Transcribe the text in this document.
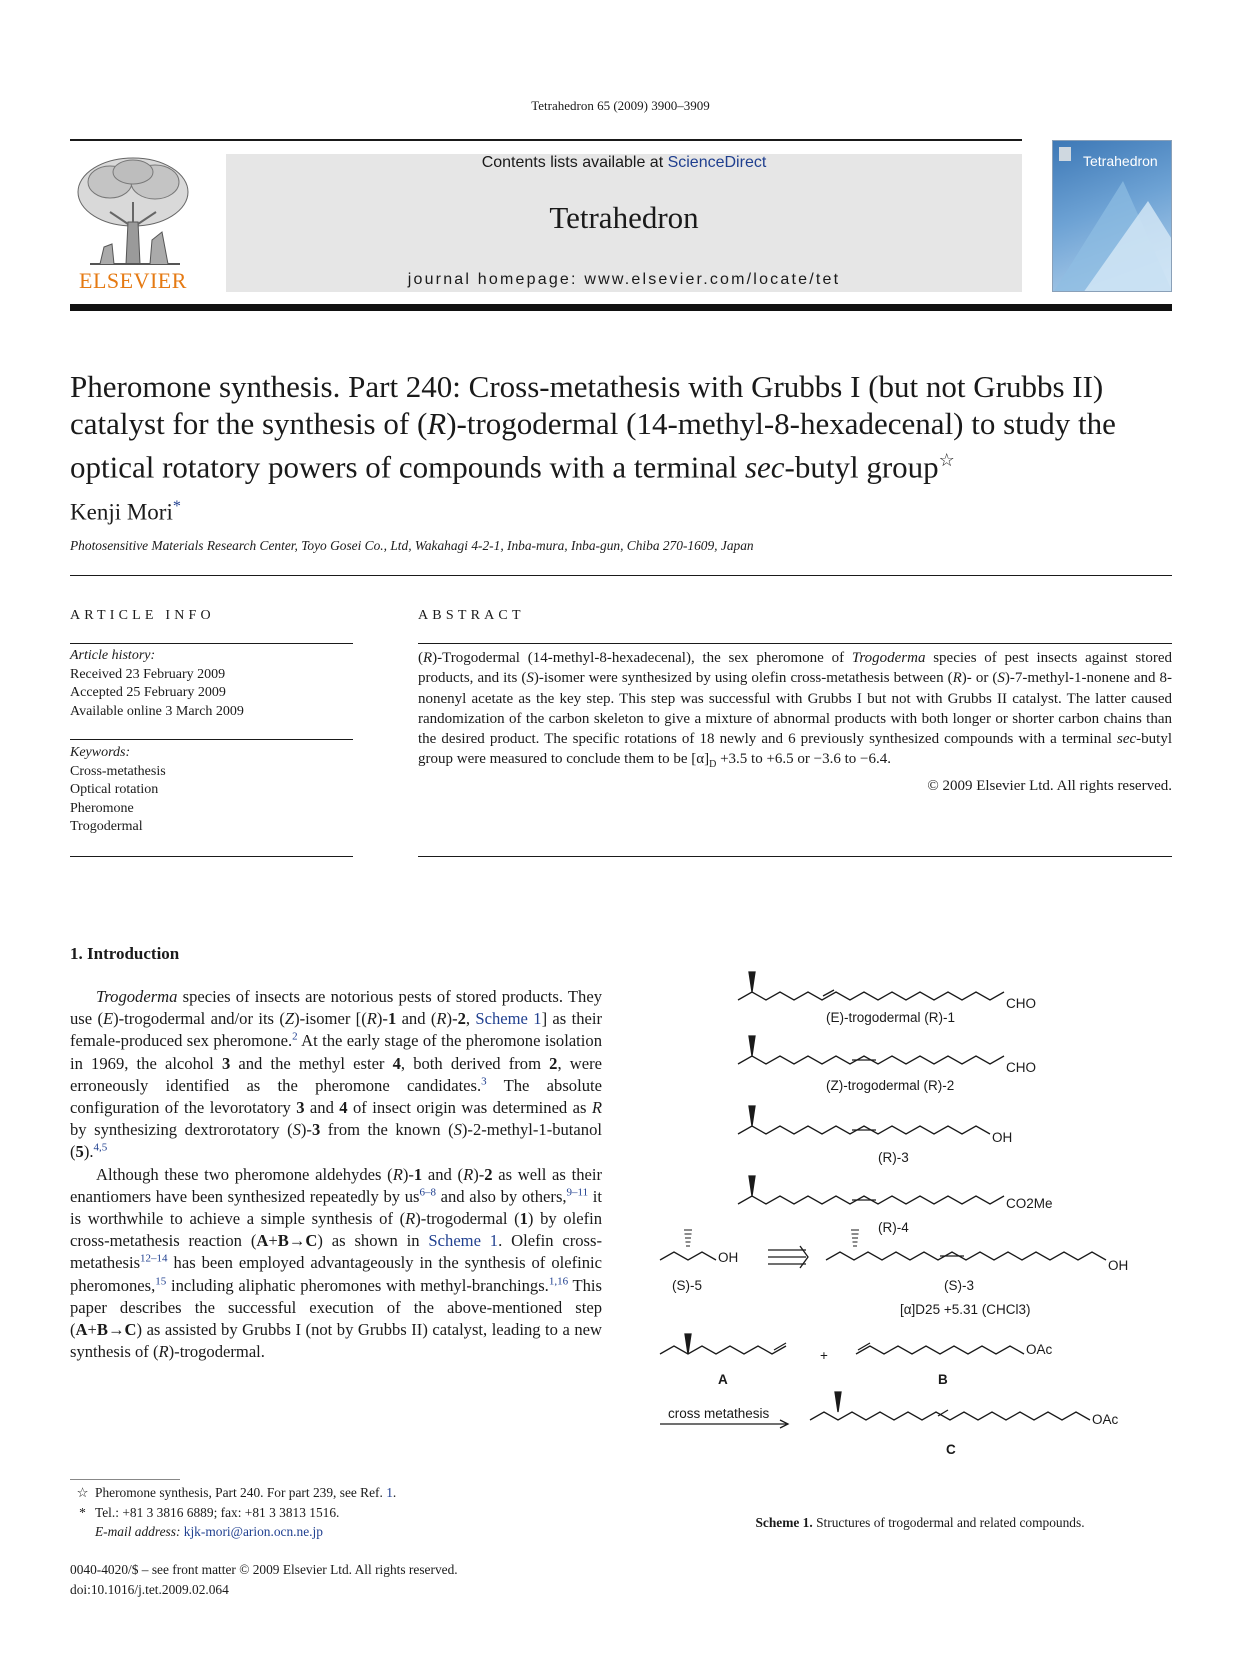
Tetrahedron 65 (2009) 3900–3909
ELSEVIER
Contents lists available at ScienceDirect
Tetrahedron
journal homepage: www.elsevier.com/locate/tet
Tetrahedron
Pheromone synthesis. Part 240: Cross-metathesis with Grubbs I (but not Grubbs II) catalyst for the synthesis of (R)-trogodermal (14-methyl-8-hexadecenal) to study the optical rotatory powers of compounds with a terminal sec-butyl group☆
Kenji Mori*
Photosensitive Materials Research Center, Toyo Gosei Co., Ltd, Wakahagi 4-2-1, Inba-mura, Inba-gun, Chiba 270-1609, Japan
ARTICLE INFO	ABSTRACT
Article history:
Received 23 February 2009
Accepted 25 February 2009
Available online 3 March 2009
Keywords:
Cross-metathesis
Optical rotation
Pheromone
Trogodermal
(R)-Trogodermal (14-methyl-8-hexadecenal), the sex pheromone of Trogoderma species of pest insects against stored products, and its (S)-isomer were synthesized by using olefin cross-metathesis between (R)- or (S)-7-methyl-1-nonene and 8-nonenyl acetate as the key step. This step was successful with Grubbs I but not with Grubbs II catalyst. The latter caused randomization of the carbon skeleton to give a mixture of abnormal products with both longer or shorter carbon chains than the desired product. The specific rotations of 18 newly and 6 previously synthesized compounds with a terminal sec-butyl group were measured to conclude them to be $[\alpha]_D +3.5$ to +6.5 or −3.6 to −6.4.
© 2009 Elsevier Ltd. All rights reserved.
1. Introduction

Trogoderma species of insects are notorious pests of stored products. They use (E)-trogodermal and/or its (Z)-isomer [(R)-1 and (R)-2, Scheme 1] as their female-produced sex pheromone.$^2$ At the early stage of the pheromone isolation in 1969, the alcohol 3 and the methyl ester 4, both derived from 2, were erroneously identified as the pheromone candidates.$^3$ The absolute configuration of the levorotatory 3 and 4 of insect origin was determined as R by synthesizing dextrorotatory (S)-3 from the known (S)-2-methyl-1-butanol (5).$^{4,5}$

Although these two pheromone aldehydes (R)-1 and (R)-2 as well as their enantiomers have been synthesized repeatedly by us$^{6-8}$ and also by others,$^{9-11}$ it is worthwhile to achieve a simple synthesis of (R)-trogodermal (1) by olefin cross-metathesis reaction (A+B→C) as shown in Scheme 1. Olefin cross-metathesis$^{12-14}$ has been employed advantageously in the synthesis of olefinic pheromones,$^{15}$ including aliphatic pheromones with methyl-branchings.$^{1,16}$ This paper describes the successful execution of the above-mentioned step (A+B→C) as assisted by Grubbs I (not by Grubbs II) catalyst, leading to a new synthesis of (R)-trogodermal.

☆ Pheromone synthesis, Part 240. For part 239, see Ref. 1.
* Tel.: +81 3 3816 6889; fax: +81 3 3813 1516.
E-mail address: kjk-mori@arion.ocn.ne.jp
0040-4020/$ – see front matter © 2009 Elsevier Ltd. All rights reserved.
doi:10.1016/j.tet.2009.02.064
CHO
(E)-trogodermal (R)-1
CHO
(Z)-trogodermal (R)-2
OH
(R)-3
CO2Me
(R)-4
OH
(S)-5
OH
(S)-3
[α]D25 +5.31 (CHCl3)
OAc
A
+
B
cross metathesis	OAc
C
Scheme 1. Structures of trogodermal and related compounds.
